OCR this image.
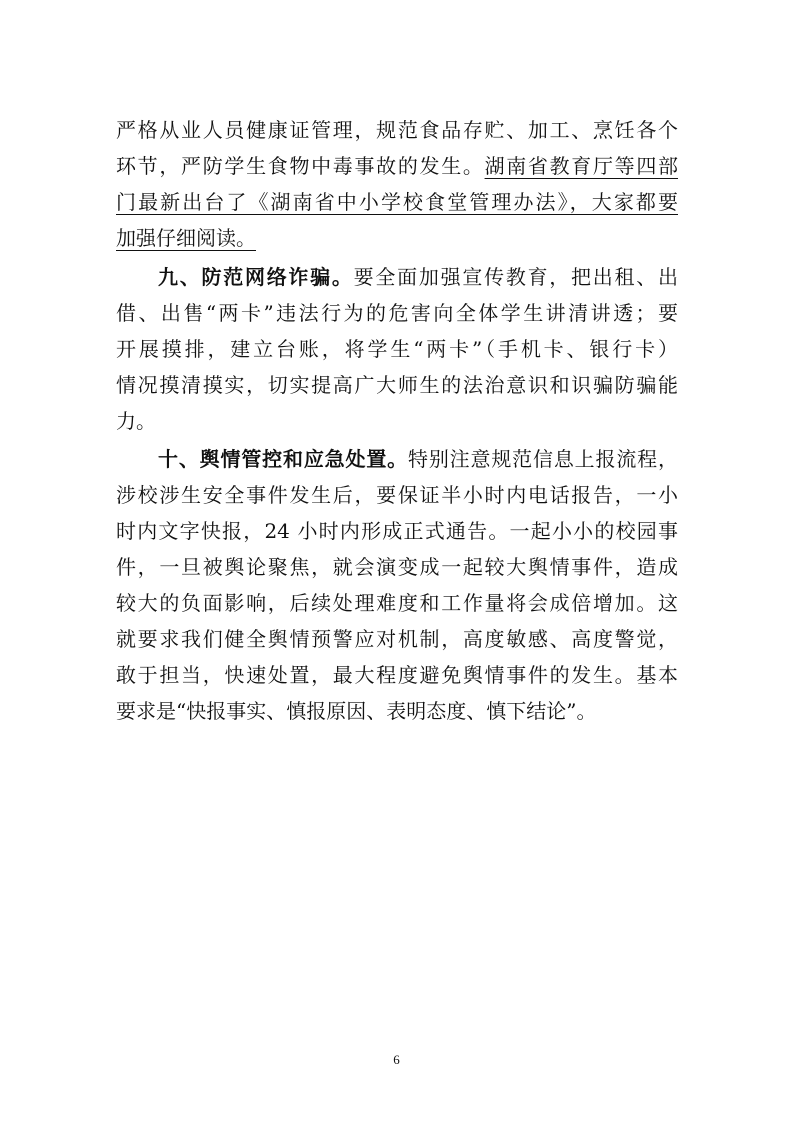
严格从业人员健康证管理，规范食品存贮、加工、烹饪各个
环节，严防学生食物中毒事故的发生。湖南省教育厅等四部
门最新出台了《湖南省中小学校食堂管理办法》，大家都要
加强仔细阅读。
九、防范网络诈骗。要全面加强宣传教育，把出租、出
借、出售“两卡”违法行为的危害向全体学生讲清讲透；要
开展摸排，建立台账，将学生“两卡”（手机卡、银行卡）
情况摸清摸实，切实提高广大师生的法治意识和识骗防骗能
力。
十、舆情管控和应急处置。特别注意规范信息上报流程，
涉校涉生安全事件发生后，要保证半小时内电话报告，一小
时内文字快报，24 小时内形成正式通告。一起小小的校园事
件，一旦被舆论聚焦，就会演变成一起较大舆情事件，造成
较大的负面影响，后续处理难度和工作量将会成倍增加。这
就要求我们健全舆情预警应对机制，高度敏感、高度警觉，
敢于担当，快速处置，最大程度避免舆情事件的发生。基本
要求是“快报事实、慎报原因、表明态度、慎下结论”。
6
